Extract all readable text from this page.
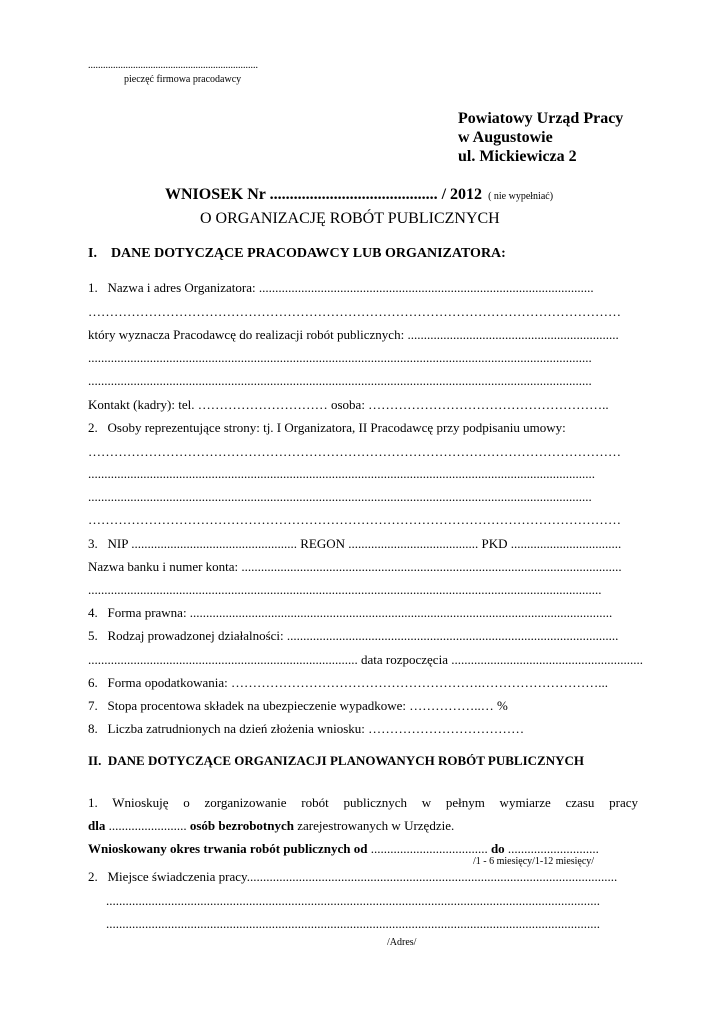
....................................................................
pieczęć firmowa pracodawcy
Powiatowy Urząd Pracy
w Augustowie
ul. Mickiewicza 2
WNIOSEK Nr .......................................... / 2012 ( nie wypełniać)
O ORGANIZACJĘ ROBÓT PUBLICZNYCH
I.    DANE DOTYCZĄCE PRACODAWCY LUB ORGANIZATORA:
1.   Nazwa i adres Organizatora: .......................................................................................................
……………………………………………………………………………………………………………
który wyznacza Pracodawcę do realizacji robót publicznych: .................................................................
...........................................................................................................................................................
...........................................................................................................................................................
Kontakt (kadry): tel. ………………………… osoba: ………………………………………………..
2.   Osoby reprezentujące strony: tj. I Organizatora, II Pracodawcę przy podpisaniu umowy:
……………………………………………………………………………………………………………
............................................................................................................................................................
...........................................................................................................................................................
……………………………………………………………………………………………………………
3.   NIP ................................................... REGON ........................................ PKD ..................................
Nazwa banku i numer konta: .....................................................................................................................
..............................................................................................................................................................
4.   Forma prawna: ..................................................................................................................................
5.   Rodzaj prowadzonej działalności: ......................................................................................................
................................................................................... data rozpoczęcia ...........................................................
6.   Forma opodatkowania: ………………………………………………….………………………...
7.   Stopa procentowa składek na ubezpieczenie wypadkowe: ……………..… %
8.   Liczba zatrudnionych na dzień złożenia wniosku: ………………………………
II.  DANE DOTYCZĄCE ORGANIZACJI PLANOWANYCH ROBÓT PUBLICZNYCH
1. Wnioskuję o zorganizowanie robót publicznych w pełnym wymiarze czasu pracy
dla ........................ osób bezrobotnych zarejestrowanych w Urzędzie.
Wnioskowany okres trwania robót publicznych od .................................... do ............................
/1 - 6 miesięcy/1-12 miesięcy/
2.   Miejsce świadczenia pracy..................................................................................................................
........................................................................................................................................................
........................................................................................................................................................
/Adres/
